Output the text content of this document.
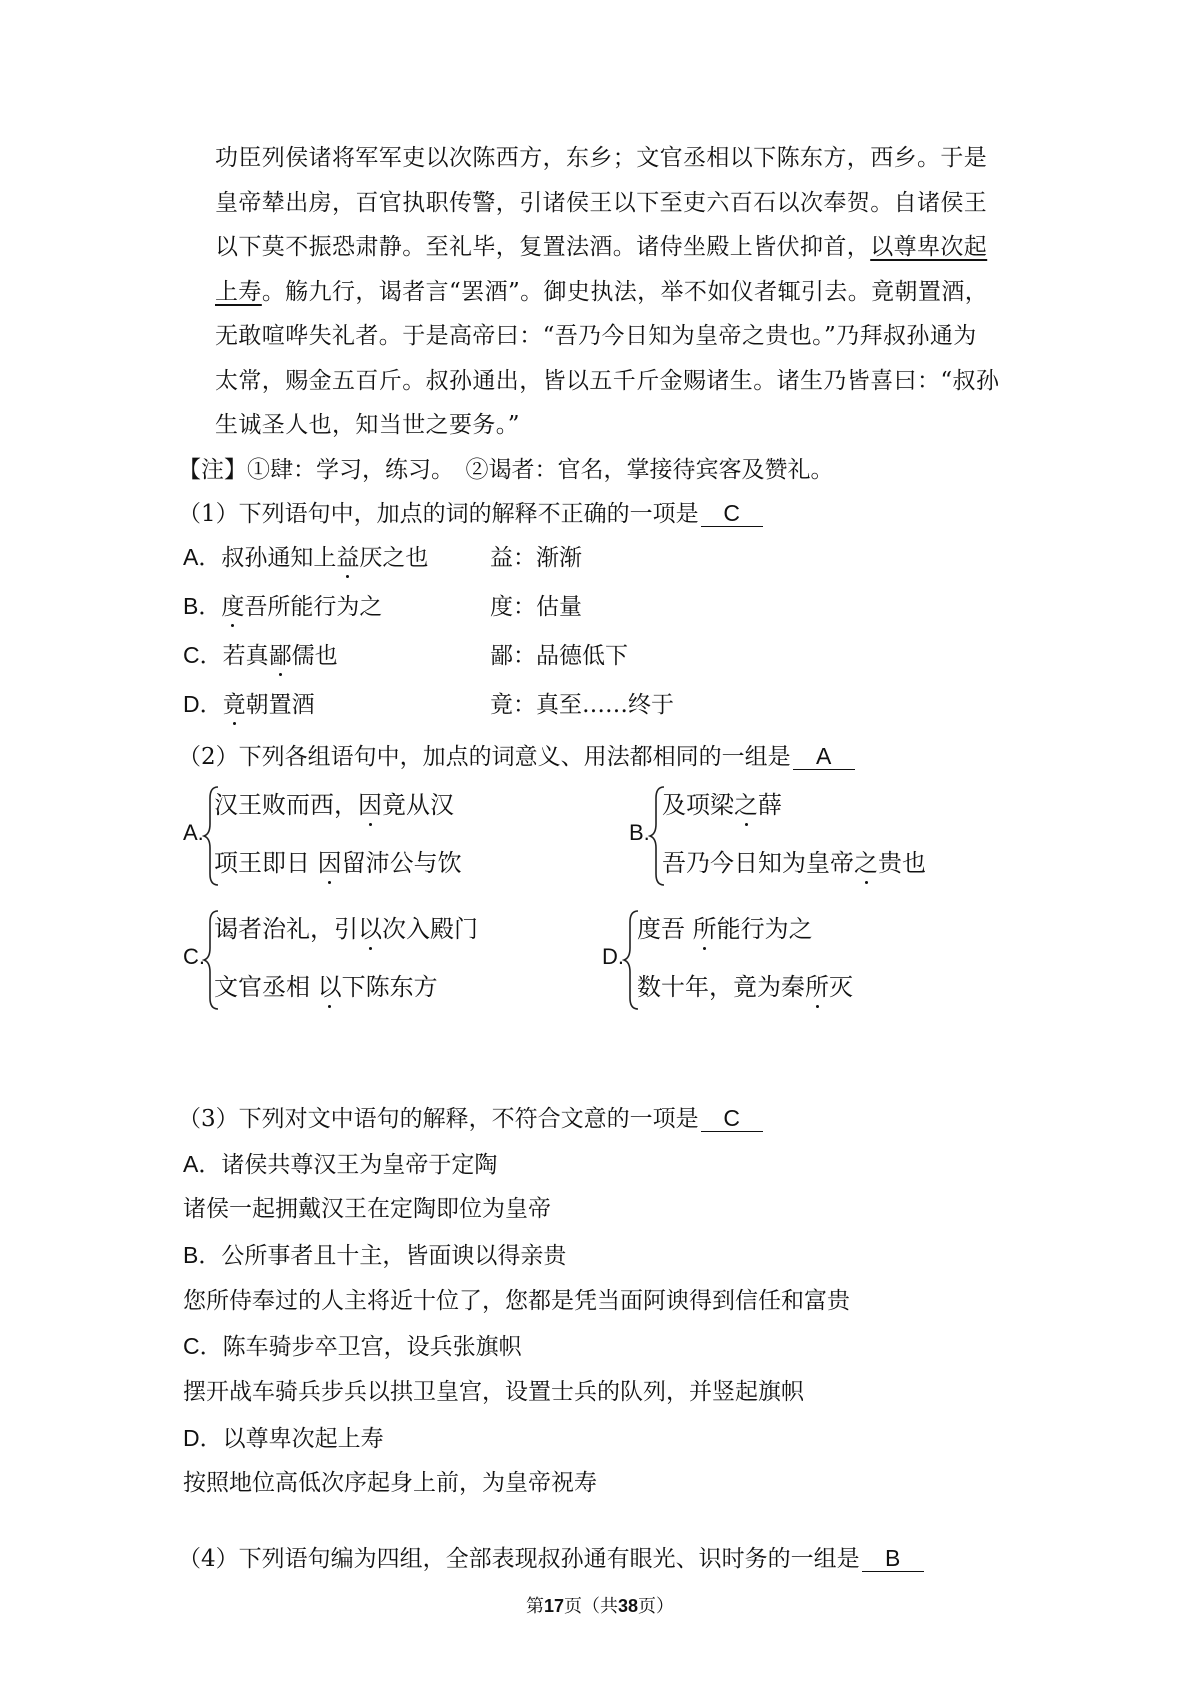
功臣列侯诸将军军吏以次陈西方，东乡；文官丞相以下陈东方，西乡。于是
皇帝辇出房，百官执职传警，引诸侯王以下至吏六百石以次奉贺。自诸侯王
以下莫不振恐肃静。至礼毕，复置法酒。诸侍坐殿上皆伏抑首，以尊卑次起
上寿。觞九行，谒者言“罢酒”。御史执法，举不如仪者辄引去。竟朝置酒，
无敢喧哗失礼者。于是高帝曰：“吾乃今日知为皇帝之贵也。”乃拜叔孙通为
太常，赐金五百斤。叔孙通出，皆以五千斤金赐诸生。诸生乃皆喜曰：“叔孙
生诚圣人也，知当世之要务。”
【注】①肆：学习，练习。　②谒者：官名，掌接待宾客及赞礼。
（1）下列语句中，加点的词的解释不正确的一项是 C
A．叔孙通知上益厌之也	益：渐渐
B．度吾所能行为之	度：估量
C．若真鄙儒也	鄙：品德低下
D．竟朝置酒	竟：真至……终于
（2）下列各组语句中，加点的词意义、用法都相同的一组是 A
A.
汉王败而西，因竟从汉
项王即日 因留沛公与饮
B.
及项梁之薛
吾乃今日知为皇帝之贵也
C.
谒者治礼，引以次入殿门
文官丞相 以下陈东方
D.
度吾 所能行为之
数十年，竟为秦所灭
（3）下列对文中语句的解释，不符合文意的一项是 C
A．诸侯共尊汉王为皇帝于定陶
诸侯一起拥戴汉王在定陶即位为皇帝
B．公所事者且十主，皆面谀以得亲贵
您所侍奉过的人主将近十位了，您都是凭当面阿谀得到信任和富贵
C．陈车骑步卒卫宫，设兵张旗帜
摆开战车骑兵步兵以拱卫皇宫，设置士兵的队列，并竖起旗帜
D．以尊卑次起上寿
按照地位高低次序起身上前，为皇帝祝寿
（4）下列语句编为四组，全部表现叔孙通有眼光、识时务的一组是 B
第17页（共38页）
